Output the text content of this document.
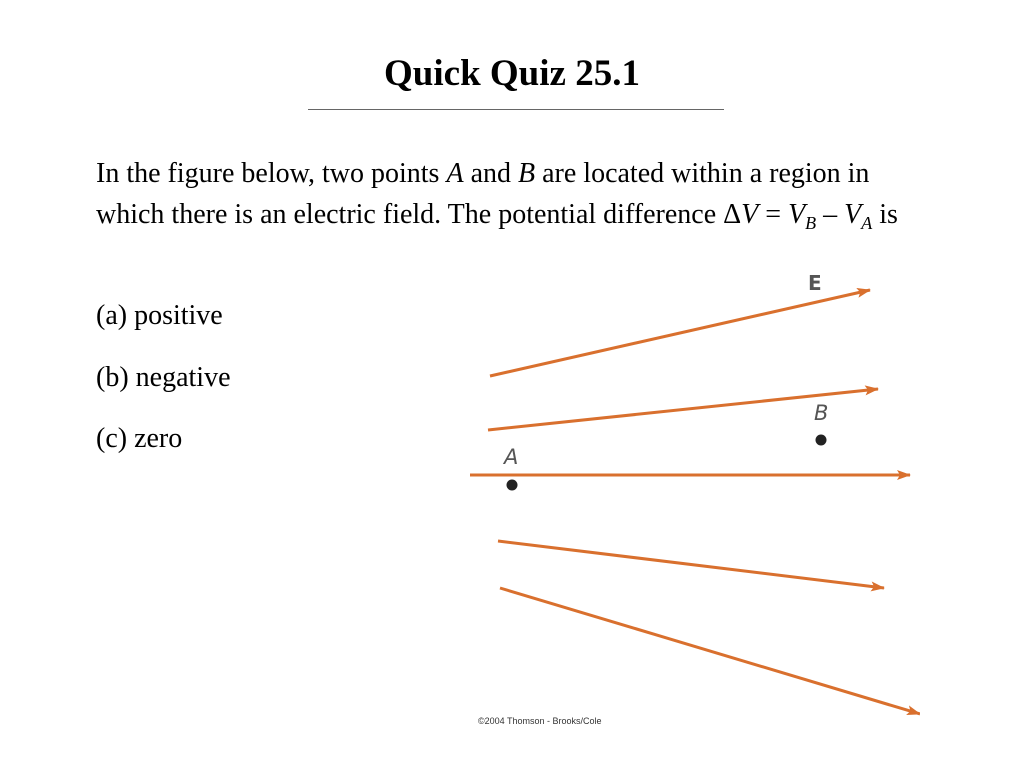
Quick Quiz 25.1
In the figure below, two points A and B are located within a region in which there is an electric field. The potential difference $\Delta V = V_B - V_A$ is
(a) positive
(b) negative
(c) zero
E
B
A
©2004 Thomson - Brooks/Cole
